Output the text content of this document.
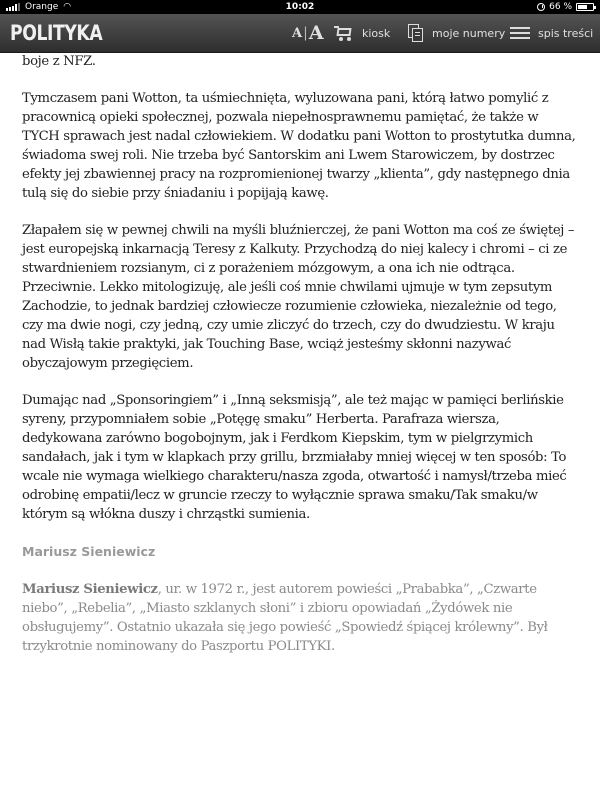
Orange ◠	10:02	66 %
POLITYKA	A | A	kiosk	moje numery	spis treści

boje z NFZ.

Tymczasem pani Wotton, ta uśmiechnięta, wyluzowana pani, którą łatwo pomylić z pracownicą opieki społecznej, pozwala niepełnosprawnemu pamiętać, że także w TYCH sprawach jest nadal człowiekiem. W dodatku pani Wotton to prostytutka dumna, świadoma swej roli. Nie trzeba być Santorskim ani Lwem Starowiczem, by dostrzec efekty jej zbawiennej pracy na rozpromienionej twarzy „klienta”, gdy następnego dnia tulą się do siebie przy śniadaniu i popijają kawę.

Złapałem się w pewnej chwili na myśli bluźnierczej, że pani Wotton ma coś ze świętej – jest europejską inkarnacją Teresy z Kalkuty. Przychodzą do niej kalecy i chromi – ci ze stwardnieniem rozsianym, ci z porażeniem mózgowym, a ona ich nie odtrąca. Przeciwnie. Lekko mitologizuję, ale jeśli coś mnie chwilami ujmuje w tym zepsutym Zachodzie, to jednak bardziej człowiecze rozumienie człowieka, niezależnie od tego, czy ma dwie nogi, czy jedną, czy umie zliczyć do trzech, czy do dwudziestu. W kraju nad Wisłą takie praktyki, jak Touching Base, wciąż jesteśmy skłonni nazywać obyczajowym przegięciem.

Dumając nad „Sponsoringiem” i „Inną seksmisją”, ale też mając w pamięci berlińskie syreny, przypomniałem sobie „Potęgę smaku” Herberta. Parafraza wiersza, dedykowana zarówno bogobojnym, jak i Ferdkom Kiepskim, tym w pielgrzymich sandałach, jak i tym w klapkach przy grillu, brzmiałaby mniej więcej w ten sposób: To wcale nie wymaga wielkiego charakteru/nasza zgoda, otwartość i namysł/trzeba mieć odrobinę empatii/lecz w gruncie rzeczy to wyłącznie sprawa smaku/Tak smaku/w którym są włókna duszy i chrząstki sumienia.

Mariusz Sieniewicz

Mariusz Sieniewicz, ur. w 1972 r., jest autorem powieści „Prababka”, „Czwarte niebo”, „Rebelia”, „Miasto szklanych słoni” i zbioru opowiadań „Żydówek nie obsługujemy”. Ostatnio ukazała się jego powieść „Spowiedź śpiącej królewny”. Był trzykrotnie nominowany do Paszportu POLITYKI.
